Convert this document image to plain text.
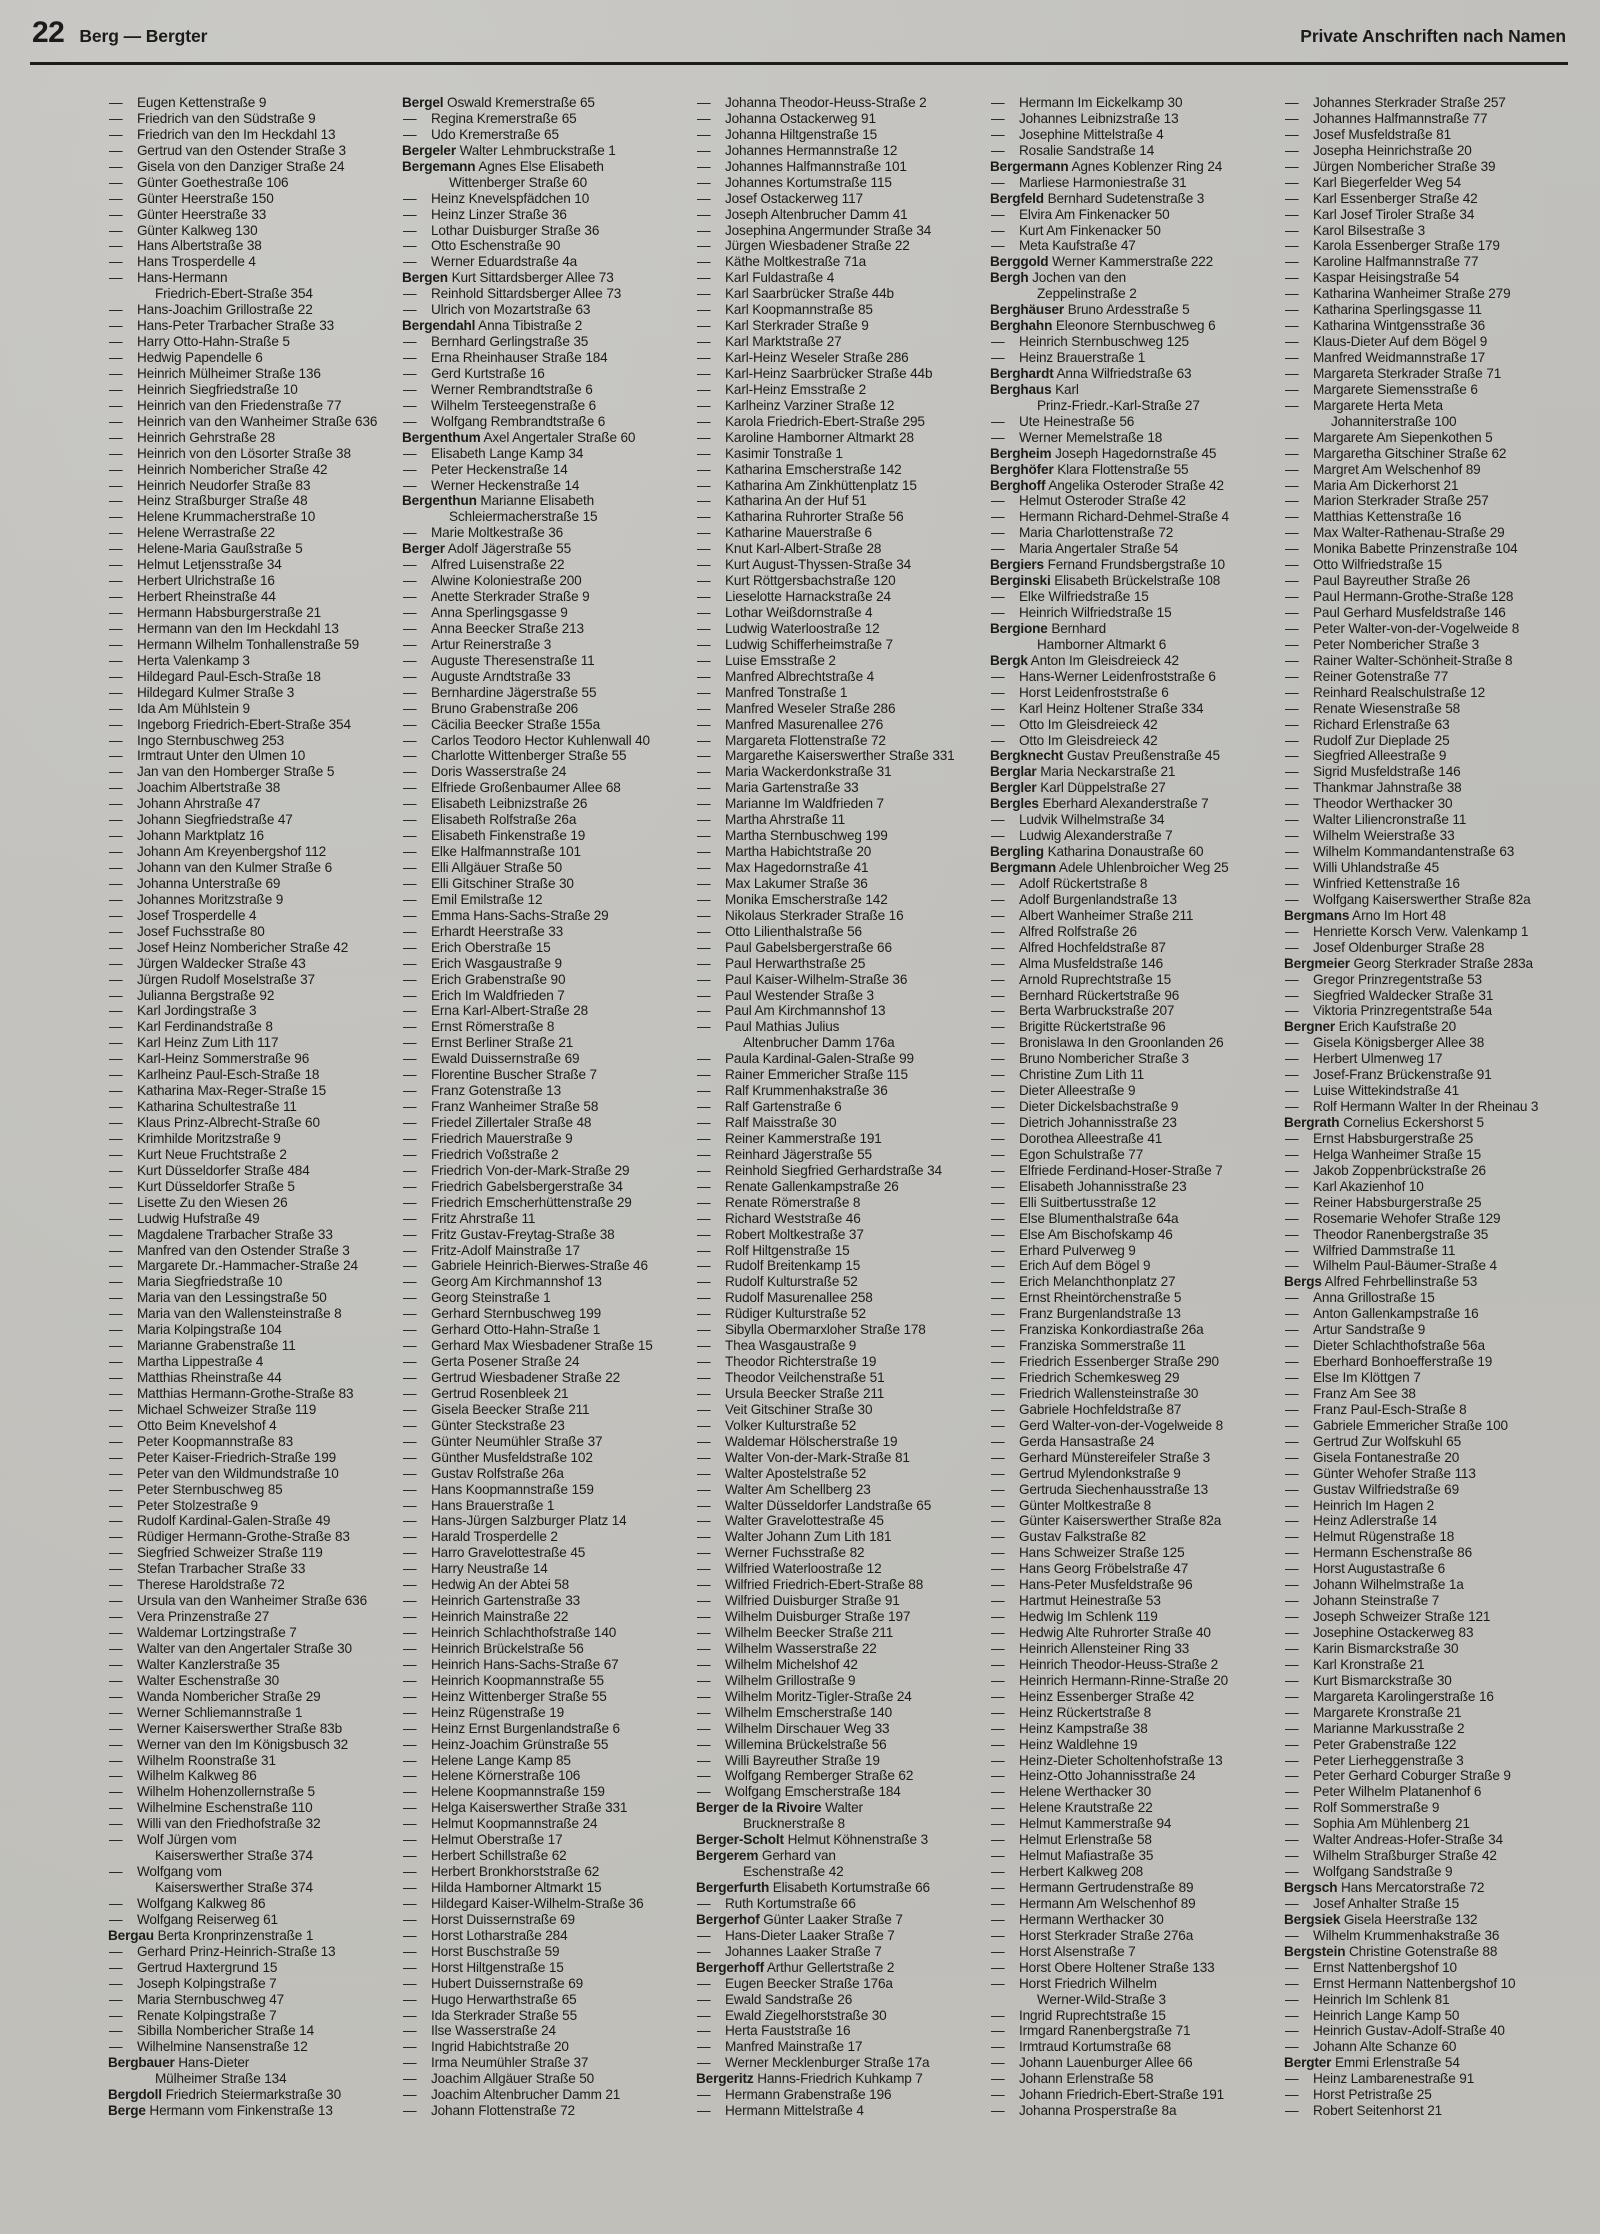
22 Berg — Bergter	Private Anschriften nach Namen
— Eugen Kettenstraße 9
— Friedrich van den Südstraße 9
— Friedrich van den Im Heckdahl 13
— Gertrud van den Ostender Straße 3
— Gisela von den Danziger Straße 24
— Günter Goethestraße 106
— Günter Heerstraße 150
— Günter Heerstraße 33
— Günter Kalkweg 130
— Hans Albertstraße 38
— Hans Trosperdelle 4
— Hans-Hermann
Friedrich-Ebert-Straße 354
— Hans-Joachim Grillostraße 22
— Hans-Peter Trarbacher Straße 33
— Harry Otto-Hahn-Straße 5
— Hedwig Papendelle 6
— Heinrich Mülheimer Straße 136
— Heinrich Siegfriedstraße 10
— Heinrich van den Friedenstraße 77
— Heinrich van den Wanheimer Straße 636
— Heinrich Gehrstraße 28
— Heinrich von den Lösorter Straße 38
— Heinrich Nombericher Straße 42
— Heinrich Neudorfer Straße 83
— Heinz Straßburger Straße 48
— Helene Krummacherstraße 10
— Helene Werrastraße 22
— Helene-Maria Gaußstraße 5
— Helmut Letjensstraße 34
— Herbert Ulrichstraße 16
— Herbert Rheinstraße 44
— Hermann Habsburgerstraße 21
— Hermann van den Im Heckdahl 13
— Hermann Wilhelm Tonhallenstraße 59
— Herta Valenkamp 3
— Hildegard Paul-Esch-Straße 18
— Hildegard Kulmer Straße 3
— Ida Am Mühlstein 9
— Ingeborg Friedrich-Ebert-Straße 354
— Ingo Sternbuschweg 253
— Irmtraut Unter den Ulmen 10
— Jan van den Homberger Straße 5
— Joachim Albertstraße 38
— Johann Ahrstraße 47
— Johann Siegfriedstraße 47
— Johann Marktplatz 16
— Johann Am Kreyenbergshof 112
— Johann van den Kulmer Straße 6
— Johanna Unterstraße 69
— Johannes Moritzstraße 9
— Josef Trosperdelle 4
— Josef Fuchsstraße 80
— Josef Heinz Nombericher Straße 42
— Jürgen Waldecker Straße 43
— Jürgen Rudolf Moselstraße 37
— Julianna Bergstraße 92
— Karl Jordingstraße 3
— Karl Ferdinandstraße 8
— Karl Heinz Zum Lith 117
— Karl-Heinz Sommerstraße 96
— Karlheinz Paul-Esch-Straße 18
— Katharina Max-Reger-Straße 15
— Katharina Schultestraße 11
— Klaus Prinz-Albrecht-Straße 60
— Krimhilde Moritzstraße 9
— Kurt Neue Fruchtstraße 2
— Kurt Düsseldorfer Straße 484
— Kurt Düsseldorfer Straße 5
— Lisette Zu den Wiesen 26
— Ludwig Hufstraße 49
— Magdalene Trarbacher Straße 33
— Manfred van den Ostender Straße 3
— Margarete Dr.-Hammacher-Straße 24
— Maria Siegfriedstraße 10
— Maria van den Lessingstraße 50
— Maria van den Wallensteinstraße 8
— Maria Kolpingstraße 104
— Marianne Grabenstraße 11
— Martha Lippestraße 4
— Matthias Rheinstraße 44
— Matthias Hermann-Grothe-Straße 83
— Michael Schweizer Straße 119
— Otto Beim Knevelshof 4
— Peter Koopmannstraße 83
— Peter Kaiser-Friedrich-Straße 199
— Peter van den Wildmundstraße 10
— Peter Sternbuschweg 85
— Peter Stolzestraße 9
— Rudolf Kardinal-Galen-Straße 49
— Rüdiger Hermann-Grothe-Straße 83
— Siegfried Schweizer Straße 119
— Stefan Trarbacher Straße 33
— Therese Haroldstraße 72
— Ursula van den Wanheimer Straße 636
— Vera Prinzenstraße 27
— Waldemar Lortzingstraße 7
— Walter van den Angertaler Straße 30
— Walter Kanzlerstraße 35
— Walter Eschenstraße 30
— Wanda Nombericher Straße 29
— Werner Schliemannstraße 1
— Werner Kaiserswerther Straße 83b
— Werner van den Im Königsbusch 32
— Wilhelm Roonstraße 31
— Wilhelm Kalkweg 86
— Wilhelm Hohenzollernstraße 5
— Wilhelmine Eschenstraße 110
— Willi van den Friedhofstraße 32
— Wolf Jürgen vom
Kaiserswerther Straße 374
— Wolfgang vom
Kaiserswerther Straße 374
— Wolfgang Kalkweg 86
— Wolfgang Reiserweg 61
Bergau Berta Kronprinzenstraße 1
— Gerhard Prinz-Heinrich-Straße 13
— Gertrud Haxtergrund 15
— Joseph Kolpingstraße 7
— Maria Sternbuschweg 47
— Renate Kolpingstraße 7
— Sibilla Nombericher Straße 14
— Wilhelmine Nansenstraße 12
Bergbauer Hans-Dieter
Mülheimer Straße 134
Bergdoll Friedrich Steiermarkstraße 30
Berge Hermann vom Finkenstraße 13
Bergel Oswald Kremerstraße 65
— Regina Kremerstraße 65
— Udo Kremerstraße 65
Bergeler Walter Lehmbruckstraße 1
Bergemann Agnes Else Elisabeth
Wittenberger Straße 60
— Heinz Knevelspfädchen 10
— Heinz Linzer Straße 36
— Lothar Duisburger Straße 36
— Otto Eschenstraße 90
— Werner Eduardstraße 4a
Bergen Kurt Sittardsberger Allee 73
— Reinhold Sittardsberger Allee 73
— Ulrich von Mozartstraße 63
Bergendahl Anna Tibistraße 2
— Bernhard Gerlingstraße 35
— Erna Rheinhauser Straße 184
— Gerd Kurtstraße 16
— Werner Rembrandtstraße 6
— Wilhelm Tersteegenstraße 6
— Wolfgang Rembrandtstraße 6
Bergenthum Axel Angertaler Straße 60
— Elisabeth Lange Kamp 34
— Peter Heckenstraße 14
— Werner Heckenstraße 14
Bergenthun Marianne Elisabeth
Schleiermacherstraße 15
— Marie Moltkestraße 36
Berger Adolf Jägerstraße 55
— Alfred Luisenstraße 22
— Alwine Koloniestraße 200
— Anette Sterkrader Straße 9
— Anna Sperlingsgasse 9
— Anna Beecker Straße 213
— Artur Reinerstraße 3
— Auguste Theresenstraße 11
— Auguste Arndtstraße 33
— Bernhardine Jägerstraße 55
— Bruno Grabenstraße 206
— Cäcilia Beecker Straße 155a
— Carlos Teodoro Hector Kuhlenwall 40
— Charlotte Wittenberger Straße 55
— Doris Wasserstraße 24
— Elfriede Großenbaumer Allee 68
— Elisabeth Leibnizstraße 26
— Elisabeth Rolfstraße 26a
— Elisabeth Finkenstraße 19
— Elke Halfmannstraße 101
— Elli Allgäuer Straße 50
— Elli Gitschiner Straße 30
— Emil Emilstraße 12
— Emma Hans-Sachs-Straße 29
— Erhardt Heerstraße 33
— Erich Oberstraße 15
— Erich Wasgaustraße 9
— Erich Grabenstraße 90
— Erich Im Waldfrieden 7
— Erna Karl-Albert-Straße 28
— Ernst Römerstraße 8
— Ernst Berliner Straße 21
— Ewald Duissernstraße 69
— Florentine Buscher Straße 7
— Franz Gotenstraße 13
— Franz Wanheimer Straße 58
— Friedel Zillertaler Straße 48
— Friedrich Mauerstraße 9
— Friedrich Voßstraße 2
— Friedrich Von-der-Mark-Straße 29
— Friedrich Gabelsbergerstraße 34
— Friedrich Emscherhüttenstraße 29
— Fritz Ahrstraße 11
— Fritz Gustav-Freytag-Straße 38
— Fritz-Adolf Mainstraße 17
— Gabriele Heinrich-Bierwes-Straße 46
— Georg Am Kirchmannshof 13
— Georg Steinstraße 1
— Gerhard Sternbuschweg 199
— Gerhard Otto-Hahn-Straße 1
— Gerhard Max Wiesbadener Straße 15
— Gerta Posener Straße 24
— Gertrud Wiesbadener Straße 22
— Gertrud Rosenbleek 21
— Gisela Beecker Straße 211
— Günter Steckstraße 23
— Günter Neumühler Straße 37
— Günther Musfeldstraße 102
— Gustav Rolfstraße 26a
— Hans Koopmannstraße 159
— Hans Brauerstraße 1
— Hans-Jürgen Salzburger Platz 14
— Harald Trosperdelle 2
— Harro Gravelottestraße 45
— Harry Neustraße 14
— Hedwig An der Abtei 58
— Heinrich Gartenstraße 33
— Heinrich Mainstraße 22
— Heinrich Schlachthofstraße 140
— Heinrich Brückelstraße 56
— Heinrich Hans-Sachs-Straße 67
— Heinrich Koopmannstraße 55
— Heinz Wittenberger Straße 55
— Heinz Rügenstraße 19
— Heinz Ernst Burgenlandstraße 6
— Heinz-Joachim Grünstraße 55
— Helene Lange Kamp 85
— Helene Körnerstraße 106
— Helene Koopmannstraße 159
— Helga Kaiserswerther Straße 331
— Helmut Koopmannstraße 24
— Helmut Oberstraße 17
— Herbert Schillstraße 62
— Herbert Bronkhorststraße 62
— Hilda Hamborner Altmarkt 15
— Hildegard Kaiser-Wilhelm-Straße 36
— Horst Duissernstraße 69
— Horst Lotharstraße 284
— Horst Buschstraße 59
— Horst Hiltgenstraße 15
— Hubert Duissernstraße 69
— Hugo Herwarthstraße 65
— Ida Sterkrader Straße 55
— Ilse Wasserstraße 24
— Ingrid Habichtstraße 20
— Irma Neumühler Straße 37
— Joachim Allgäuer Straße 50
— Joachim Altenbrucher Damm 21
— Johann Flottenstraße 72
— Johanna Theodor-Heuss-Straße 2
— Johanna Ostackerweg 91
— Johanna Hiltgenstraße 15
— Johannes Hermannstraße 12
— Johannes Halfmannstraße 101
— Johannes Kortumstraße 115
— Josef Ostackerweg 117
— Joseph Altenbrucher Damm 41
— Josephina Angermunder Straße 34
— Jürgen Wiesbadener Straße 22
— Käthe Moltkestraße 71a
— Karl Fuldastraße 4
— Karl Saarbrücker Straße 44b
— Karl Koopmannstraße 85
— Karl Sterkrader Straße 9
— Karl Marktstraße 27
— Karl-Heinz Weseler Straße 286
— Karl-Heinz Saarbrücker Straße 44b
— Karl-Heinz Emsstraße 2
— Karlheinz Varziner Straße 12
— Karola Friedrich-Ebert-Straße 295
— Karoline Hamborner Altmarkt 28
— Kasimir Tonstraße 1
— Katharina Emscherstraße 142
— Katharina Am Zinkhüttenplatz 15
— Katharina An der Huf 51
— Katharina Ruhrorter Straße 56
— Katharine Mauerstraße 6
— Knut Karl-Albert-Straße 28
— Kurt August-Thyssen-Straße 34
— Kurt Röttgersbachstraße 120
— Lieselotte Harnackstraße 24
— Lothar Weißdornstraße 4
— Ludwig Waterloostraße 12
— Ludwig Schifferheimstraße 7
— Luise Emsstraße 2
— Manfred Albrechtstraße 4
— Manfred Tonstraße 1
— Manfred Weseler Straße 286
— Manfred Masurenallee 276
— Margareta Flottenstraße 72
— Margarethe Kaiserswerther Straße 331
— Maria Wackerdonkstraße 31
— Maria Gartenstraße 33
— Marianne Im Waldfrieden 7
— Martha Ahrstraße 11
— Martha Sternbuschweg 199
— Martha Habichtstraße 20
— Max Hagedornstraße 41
— Max Lakumer Straße 36
— Monika Emscherstraße 142
— Nikolaus Sterkrader Straße 16
— Otto Lilienthalstraße 56
— Paul Gabelsbergerstraße 66
— Paul Herwarthstraße 25
— Paul Kaiser-Wilhelm-Straße 36
— Paul Westender Straße 3
— Paul Am Kirchmannshof 13
— Paul Mathias Julius
Altenbrucher Damm 176a
— Paula Kardinal-Galen-Straße 99
— Rainer Emmericher Straße 115
— Ralf Krummenhakstraße 36
— Ralf Gartenstraße 6
— Ralf Maisstraße 30
— Reiner Kammerstraße 191
— Reinhard Jägerstraße 55
— Reinhold Siegfried Gerhardstraße 34
— Renate Gallenkampstraße 26
— Renate Römerstraße 8
— Richard Weststraße 46
— Robert Moltkestraße 37
— Rolf Hiltgenstraße 15
— Rudolf Breitenkamp 15
— Rudolf Kulturstraße 52
— Rudolf Masurenallee 258
— Rüdiger Kulturstraße 52
— Sibylla Obermarxloher Straße 178
— Thea Wasgaustraße 9
— Theodor Richterstraße 19
— Theodor Veilchenstraße 51
— Ursula Beecker Straße 211
— Veit Gitschiner Straße 30
— Volker Kulturstraße 52
— Waldemar Hölscherstraße 19
— Walter Von-der-Mark-Straße 81
— Walter Apostelstraße 52
— Walter Am Schellberg 23
— Walter Düsseldorfer Landstraße 65
— Walter Gravelottestraße 45
— Walter Johann Zum Lith 181
— Werner Fuchsstraße 82
— Wilfried Waterloostraße 12
— Wilfried Friedrich-Ebert-Straße 88
— Wilfried Duisburger Straße 91
— Wilhelm Duisburger Straße 197
— Wilhelm Beecker Straße 211
— Wilhelm Wasserstraße 22
— Wilhelm Michelshof 42
— Wilhelm Grillostraße 9
— Wilhelm Moritz-Tigler-Straße 24
— Wilhelm Emscherstraße 140
— Wilhelm Dirschauer Weg 33
— Willemina Brückelstraße 56
— Willi Bayreuther Straße 19
— Wolfgang Remberger Straße 62
— Wolfgang Emscherstraße 184
Berger de la Rivoire Walter
Brucknerstraße 8
Berger-Scholt Helmut Köhnenstraße 3
Bergerem Gerhard van
Eschenstraße 42
Bergerfurth Elisabeth Kortumstraße 66
— Ruth Kortumstraße 66
Bergerhof Günter Laaker Straße 7
— Hans-Dieter Laaker Straße 7
— Johannes Laaker Straße 7
Bergerhoff Arthur Gellertstraße 2
— Eugen Beecker Straße 176a
— Ewald Sandstraße 26
— Ewald Ziegelhorststraße 30
— Herta Fauststraße 16
— Manfred Mainstraße 17
— Werner Mecklenburger Straße 17a
Bergeritz Hanns-Friedrich Kuhkamp 7
— Hermann Grabenstraße 196
— Hermann Mittelstraße 4
— Hermann Im Eickelkamp 30
— Johannes Leibnizstraße 13
— Josephine Mittelstraße 4
— Rosalie Sandstraße 14
Bergermann Agnes Koblenzer Ring 24
— Marliese Harmoniestraße 31
Bergfeld Bernhard Sudetenstraße 3
— Elvira Am Finkenacker 50
— Kurt Am Finkenacker 50
— Meta Kaufstraße 47
Berggold Werner Kammerstraße 222
Bergh Jochen van den
Zeppelinstraße 2
Berghäuser Bruno Ardesstraße 5
Berghahn Eleonore Sternbuschweg 6
— Heinrich Sternbuschweg 125
— Heinz Brauerstraße 1
Berghardt Anna Wilfriedstraße 63
Berghaus Karl
Prinz-Friedr.-Karl-Straße 27
— Ute Heinestraße 56
— Werner Memelstraße 18
Bergheim Joseph Hagedornstraße 45
Berghöfer Klara Flottenstraße 55
Berghoff Angelika Osteroder Straße 42
— Helmut Osteroder Straße 42
— Hermann Richard-Dehmel-Straße 4
— Maria Charlottenstraße 72
— Maria Angertaler Straße 54
Bergiers Fernand Frundsbergstraße 10
Berginski Elisabeth Brückelstraße 108
— Elke Wilfriedstraße 15
— Heinrich Wilfriedstraße 15
Bergione Bernhard
Hamborner Altmarkt 6
Bergk Anton Im Gleisdreieck 42
— Hans-Werner Leidenfroststraße 6
— Horst Leidenfroststraße 6
— Karl Heinz Holtener Straße 334
— Otto Im Gleisdreieck 42
— Otto Im Gleisdreieck 42
Bergknecht Gustav Preußenstraße 45
Berglar Maria Neckarstraße 21
Bergler Karl Düppelstraße 27
Bergles Eberhard Alexanderstraße 7
— Ludvik Wilhelmstraße 34
— Ludwig Alexanderstraße 7
Bergling Katharina Donaustraße 60
Bergmann Adele Uhlenbroicher Weg 25
— Adolf Rückertstraße 8
— Adolf Burgenlandstraße 13
— Albert Wanheimer Straße 211
— Alfred Rolfstraße 26
— Alfred Hochfeldstraße 87
— Alma Musfeldstraße 146
— Arnold Ruprechtstraße 15
— Bernhard Rückertstraße 96
— Berta Warbruckstraße 207
— Brigitte Rückertstraße 96
— Bronislawa In den Groonlanden 26
— Bruno Nombericher Straße 3
— Christine Zum Lith 11
— Dieter Alleestraße 9
— Dieter Dickelsbachstraße 9
— Dietrich Johannisstraße 23
— Dorothea Alleestraße 41
— Egon Schulstraße 77
— Elfriede Ferdinand-Hoser-Straße 7
— Elisabeth Johannisstraße 23
— Elli Suitbertusstraße 12
— Else Blumenthalstraße 64a
— Else Am Bischofskamp 46
— Erhard Pulverweg 9
— Erich Auf dem Bögel 9
— Erich Melanchthonplatz 27
— Ernst Rheintörchenstraße 5
— Franz Burgenlandstraße 13
— Franziska Konkordiastraße 26a
— Franziska Sommerstraße 11
— Friedrich Essenberger Straße 290
— Friedrich Schemkesweg 29
— Friedrich Wallensteinstraße 30
— Gabriele Hochfeldstraße 87
— Gerd Walter-von-der-Vogelweide 8
— Gerda Hansastraße 24
— Gerhard Münstereifeler Straße 3
— Gertrud Mylendonkstraße 9
— Gertruda Siechenhausstraße 13
— Günter Moltkestraße 8
— Günter Kaiserswerther Straße 82a
— Gustav Falkstraße 82
— Hans Schweizer Straße 125
— Hans Georg Fröbelstraße 47
— Hans-Peter Musfeldstraße 96
— Hartmut Heinestraße 53
— Hedwig Im Schlenk 119
— Hedwig Alte Ruhrorter Straße 40
— Heinrich Allensteiner Ring 33
— Heinrich Theodor-Heuss-Straße 2
— Heinrich Hermann-Rinne-Straße 20
— Heinz Essenberger Straße 42
— Heinz Rückertstraße 8
— Heinz Kampstraße 38
— Heinz Waldlehne 19
— Heinz-Dieter Scholtenhofstraße 13
— Heinz-Otto Johannisstraße 24
— Helene Werthacker 30
— Helene Krautstraße 22
— Helmut Kammerstraße 94
— Helmut Erlenstraße 58
— Helmut Mafiastraße 35
— Herbert Kalkweg 208
— Hermann Gertrudenstraße 89
— Hermann Am Welschenhof 89
— Hermann Werthacker 30
— Horst Sterkrader Straße 276a
— Horst Alsenstraße 7
— Horst Obere Holtener Straße 133
— Horst Friedrich Wilhelm
Werner-Wild-Straße 3
— Ingrid Ruprechtstraße 15
— Irmgard Ranenbergstraße 71
— Irmtraud Kortumstraße 68
— Johann Lauenburger Allee 66
— Johann Erlenstraße 58
— Johann Friedrich-Ebert-Straße 191
— Johanna Prosperstraße 8a
— Johannes Sterkrader Straße 257
— Johannes Halfmannstraße 77
— Josef Musfeldstraße 81
— Josepha Heinrichstraße 20
— Jürgen Nombericher Straße 39
— Karl Biegerfelder Weg 54
— Karl Essenberger Straße 42
— Karl Josef Tiroler Straße 34
— Karol Bilsestraße 3
— Karola Essenberger Straße 179
— Karoline Halfmannstraße 77
— Kaspar Heisingstraße 54
— Katharina Wanheimer Straße 279
— Katharina Sperlingsgasse 11
— Katharina Wintgensstraße 36
— Klaus-Dieter Auf dem Bögel 9
— Manfred Weidmannstraße 17
— Margareta Sterkrader Straße 71
— Margarete Siemensstraße 6
— Margarete Herta Meta
Johanniterstraße 100
— Margarete Am Siepenkothen 5
— Margaretha Gitschiner Straße 62
— Margret Am Welschenhof 89
— Maria Am Dickerhorst 21
— Marion Sterkrader Straße 257
— Matthias Kettenstraße 16
— Max Walter-Rathenau-Straße 29
— Monika Babette Prinzenstraße 104
— Otto Wilfriedstraße 15
— Paul Bayreuther Straße 26
— Paul Hermann-Grothe-Straße 128
— Paul Gerhard Musfeldstraße 146
— Peter Walter-von-der-Vogelweide 8
— Peter Nombericher Straße 3
— Rainer Walter-Schönheit-Straße 8
— Reiner Gotenstraße 77
— Reinhard Realschulstraße 12
— Renate Wiesenstraße 58
— Richard Erlenstraße 63
— Rudolf Zur Dieplade 25
— Siegfried Alleestraße 9
— Sigrid Musfeldstraße 146
— Thankmar Jahnstraße 38
— Theodor Werthacker 30
— Walter Liliencronstraße 11
— Wilhelm Weierstraße 33
— Wilhelm Kommandantenstraße 63
— Willi Uhlandstraße 45
— Winfried Kettenstraße 16
— Wolfgang Kaiserswerther Straße 82a
Bergmans Arno Im Hort 48
— Henriette Korsch Verw. Valenkamp 1
— Josef Oldenburger Straße 28
Bergmeier Georg Sterkrader Straße 283a
— Gregor Prinzregentstraße 53
— Siegfried Waldecker Straße 31
— Viktoria Prinzregentstraße 54a
Bergner Erich Kaufstraße 20
— Gisela Königsberger Allee 38
— Herbert Ulmenweg 17
— Josef-Franz Brückenstraße 91
— Luise Wittekindstraße 41
— Rolf Hermann Walter In der Rheinau 3
Bergrath Cornelius Eckershorst 5
— Ernst Habsburgerstraße 25
— Helga Wanheimer Straße 15
— Jakob Zoppenbrückstraße 26
— Karl Akazienhof 10
— Reiner Habsburgerstraße 25
— Rosemarie Wehofer Straße 129
— Theodor Ranenbergstraße 35
— Wilfried Dammstraße 11
— Wilhelm Paul-Bäumer-Straße 4
Bergs Alfred Fehrbellinstraße 53
— Anna Grillostraße 15
— Anton Gallenkampstraße 16
— Artur Sandstraße 9
— Dieter Schlachthofstraße 56a
— Eberhard Bonhoefferstraße 19
— Else Im Klöttgen 7
— Franz Am See 38
— Franz Paul-Esch-Straße 8
— Gabriele Emmericher Straße 100
— Gertrud Zur Wolfskuhl 65
— Gisela Fontanestraße 20
— Günter Wehofer Straße 113
— Gustav Wilfriedstraße 69
— Heinrich Im Hagen 2
— Heinz Adlerstraße 14
— Helmut Rügenstraße 18
— Hermann Eschenstraße 86
— Horst Augustastraße 6
— Johann Wilhelmstraße 1a
— Johann Steinstraße 7
— Joseph Schweizer Straße 121
— Josephine Ostackerweg 83
— Karin Bismarckstraße 30
— Karl Kronstraße 21
— Kurt Bismarckstraße 30
— Margareta Karolingerstraße 16
— Margarete Kronstraße 21
— Marianne Markusstraße 2
— Peter Grabenstraße 122
— Peter Lierheggenstraße 3
— Peter Gerhard Coburger Straße 9
— Peter Wilhelm Platanenhof 6
— Rolf Sommerstraße 9
— Sophia Am Mühlenberg 21
— Walter Andreas-Hofer-Straße 34
— Wilhelm Straßburger Straße 42
— Wolfgang Sandstraße 9
Bergsch Hans Mercatorstraße 72
— Josef Anhalter Straße 15
Bergsiek Gisela Heerstraße 132
— Wilhelm Krummenhakstraße 36
Bergstein Christine Gotenstraße 88
— Ernst Nattenbergshof 10
— Ernst Hermann Nattenbergshof 10
— Heinrich Im Schlenk 81
— Heinrich Lange Kamp 50
— Heinrich Gustav-Adolf-Straße 40
— Johann Alte Schanze 60
Bergter Emmi Erlenstraße 54
— Heinz Lambarenestraße 91
— Horst Petristraße 25
— Robert Seitenhorst 21
